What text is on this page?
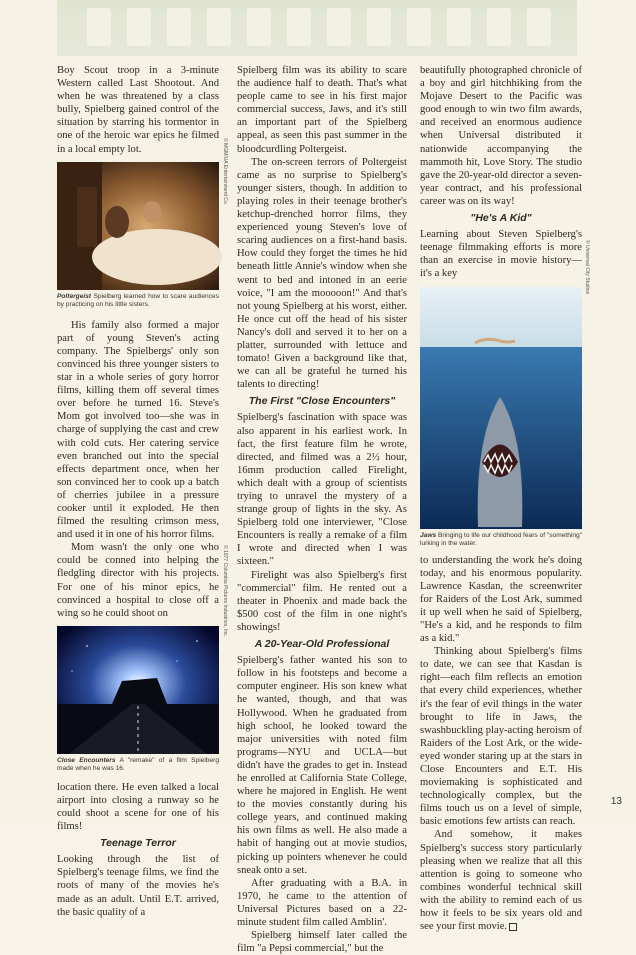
Boy Scout troop in a 3-minute Western called Last Shootout. And when he was threatened by a class bully, Spielberg gained control of the situation by starring his tormentor in one of the heroic war epics he filmed in a local empty lot.

Poltergeist Spielberg learned how to scare audiences by practicing on his little sisters.

His family also formed a major part of young Steven's acting company. The Spielbergs' only son convinced his three younger sisters to star in a whole series of gory horror films, killing them off several times over before he turned 16. Steve's Mom got involved too—she was in charge of supplying the cast and crew with cold cuts. Her catering service even branched out into the special effects department once, when her son convinced her to cook up a batch of cherries jubilee in a pressure cooker until it exploded. He then filmed the resulting crimson mess, and used it in one of his horror films.

Mom wasn't the only one who could be conned into helping the fledgling director with his projects. For one of his minor epics, he convinced a hospital to close off a wing so he could shoot on

Close Encounters A "remake" of a film Spielberg made when he was 16.

location there. He even talked a local airport into closing a runway so he could shoot a scene for one of his films!

Teenage Terror

Looking through the list of Spielberg's teenage films, we find the roots of many of the movies he's made as an adult. Until E.T. arrived, the basic quality of a

Spielberg film was its ability to scare the audience half to death. That's what people came to see in his first major commercial success, Jaws, and it's still an important part of the Spielberg appeal, as seen this past summer in the bloodcurdling Poltergeist.

The on-screen terrors of Poltergeist came as no surprise to Spielberg's younger sisters, though. In addition to playing roles in their teenage brother's ketchup-drenched horror films, they experienced young Steven's love of scaring audiences on a first-hand basis. How could they forget the times he hid beneath little Annie's window when she went to bed and intoned in an eerie voice, "I am the mooooon!" And that's not young Spielberg at his worst, either. He once cut off the head of his sister Nancy's doll and served it to her on a platter, surrounded with lettuce and tomato! Given a background like that, we can all be grateful he turned his talents to directing!

The First "Close Encounters"

Spielberg's fascination with space was also apparent in his earliest work. In fact, the first feature film he wrote, directed, and filmed was a 2½ hour, 16mm production called Firelight, which dealt with a group of scientists trying to unravel the mystery of a strange group of lights in the sky. As Spielberg told one interviewer, "Close Encounters is really a remake of a film I wrote and directed when I was sixteen."

Firelight was also Spielberg's first "commercial" film. He rented out a theater in Phoenix and made back the $500 cost of the film in one night's showings!

A 20-Year-Old Professional

Spielberg's father wanted his son to follow in his footsteps and become a computer engineer. His son knew what he wanted, though, and that was Hollywood. When he graduated from high school, he looked toward the major universities with noted film programs—NYU and UCLA—but didn't have the grades to get in. Instead he enrolled at California State College, where he majored in English. He went to the movies constantly during his college years, and continued making his own films as well. He also made a habit of hanging out at movie studios, picking up pointers whenever he could sneak onto a set.

After graduating with a B.A. in 1970, he came to the attention of Universal Pictures based on a 22-minute student film called Amblin'.

Spielberg himself later called the film "a Pepsi commercial," but the

beautifully photographed chronicle of a boy and girl hitchhiking from the Mojave Desert to the Pacific was good enough to win two film awards, and received an enormous audience when Universal distributed it nationwide accompanying the mammoth hit, Love Story. The studio gave the 20-year-old director a seven-year contract, and his professional career was on its way!

"He's A Kid"

Learning about Steven Spielberg's teenage filmmaking efforts is more than an exercise in movie history—it's a key

Jaws Bringing to life our childhood fears of "something" lurking in the water.

to understanding the work he's doing today, and his enormous popularity. Lawrence Kasdan, the screenwriter for Raiders of the Lost Ark, summed it up well when he said of Spielberg, "He's a kid, and he responds to film as a kid."

Thinking about Spielberg's films to date, we can see that Kasdan is right—each film reflects an emotion that every child experiences, whether it's the fear of evil things in the water brought to life in Jaws, the swashbuckling play-acting heroism of Raiders of the Lost Ark, or the wide-eyed wonder staring up at the stars in Close Encounters and E.T. His moviemaking is sophisticated and technologically complex, but the films touch us on a level of simple, basic emotions few artists can reach.

And somehow, it makes Spielberg's success story particularly pleasing when we realize that all this attention is going to someone who combines wonderful technical skill with the ability to remind each of us how it feels to be six years old and see your first movie.

© MGM/UA Entertainment Co.
© 1977 Columbia Pictures Industries, Inc.
© Universal City Studios
13
